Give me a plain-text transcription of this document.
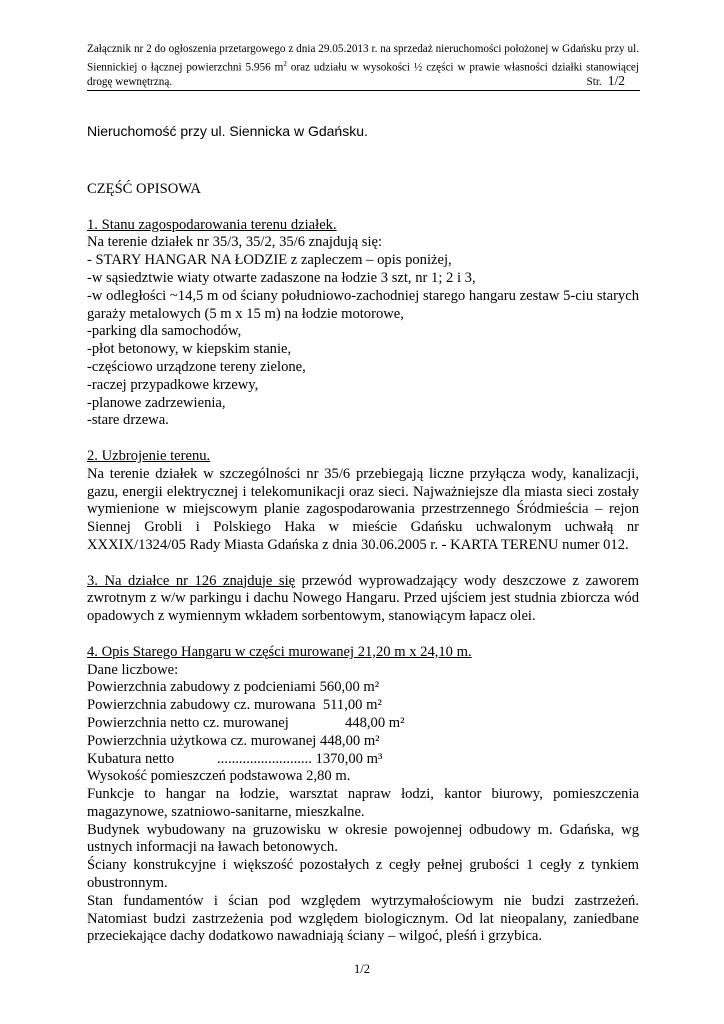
Załącznik nr 2 do ogłoszenia przetargowego z dnia 29.05.2013 r. na sprzedaż nieruchomości położonej w Gdańsku przy ul. Siennickiej o łącznej powierzchni 5.956 $m^2$ oraz udziału w wysokości ½ części w prawie własności działki stanowiącej drogę wewnętrzną.	Str. 1/2
Nieruchomość przy ul. Siennicka w Gdańsku.

CZĘŚĆ OPISOWA

1. Stanu zagospodarowania terenu działek.

Na terenie działek nr 35/3, 35/2, 35/6 znajdują się:

- STARY HANGAR NA ŁODZIE z zapleczem – opis poniżej,

-w sąsiedztwie wiaty otwarte zadaszone na łodzie 3 szt, nr 1; 2 i 3,

-w odległości ~14,5 m od ściany południowo-zachodniej starego hangaru zestaw 5-ciu starych garaży metalowych (5 m x 15 m) na łodzie motorowe,

-parking dla samochodów,

-płot betonowy, w kiepskim stanie,

-częściowo urządzone tereny zielone,

-raczej przypadkowe krzewy,

-planowe zadrzewienia,

-stare drzewa.

2. Uzbrojenie terenu.

Na terenie działek w szczególności nr 35/6 przebiegają liczne przyłącza wody, kanalizacji, gazu, energii elektrycznej i telekomunikacji oraz sieci. Najważniejsze dla miasta sieci zostały wymienione w miejscowym planie zagospodarowania przestrzennego Śródmieścia – rejon Siennej Grobli i Polskiego Haka w mieście Gdańsku uchwalonym uchwałą nr XXXIX/1324/05 Rady Miasta Gdańska z dnia 30.06.2005 r. - KARTA TERENU numer 012.

3. Na działce nr 126 znajduje się przewód wyprowadzający wody deszczowe z zaworem zwrotnym z w/w parkingu i dachu Nowego Hangaru. Przed ujściem jest studnia zbiorcza wód opadowych z wymiennym wkładem sorbentowym, stanowiącym łapacz olei.

4. Opis Starego Hangaru w części murowanej 21,20 m x 24,10 m.

Dane liczbowe:

Powierzchnia zabudowy z podcieniami 560,00 m²

Powierzchnia zabudowy cz. murowana 511,00 m²

Powierzchnia netto cz. murowanej	448,00 m²

Powierzchnia użytkowa cz. murowanej 448,00 m²

Kubatura netto	.......................... 1370,00 m³

Wysokość pomieszczeń podstawowa 2,80 m.

Funkcje to hangar na łodzie, warsztat napraw łodzi, kantor biurowy, pomieszczenia magazynowe, szatniowo-sanitarne, mieszkalne.

Budynek wybudowany na gruzowisku w okresie powojennej odbudowy m. Gdańska, wg ustnych informacji na ławach betonowych.

Ściany konstrukcyjne i większość pozostałych z cegły pełnej grubości 1 cegły z tynkiem obustronnym.

Stan fundamentów i ścian pod względem wytrzymałościowym nie budzi zastrzeżeń. Natomiast budzi zastrzeżenia pod względem biologicznym. Od lat nieopalany, zaniedbane przeciekające dachy dodatkowo nawadniają ściany – wilgoć, pleśń i grzybica.

1/2
